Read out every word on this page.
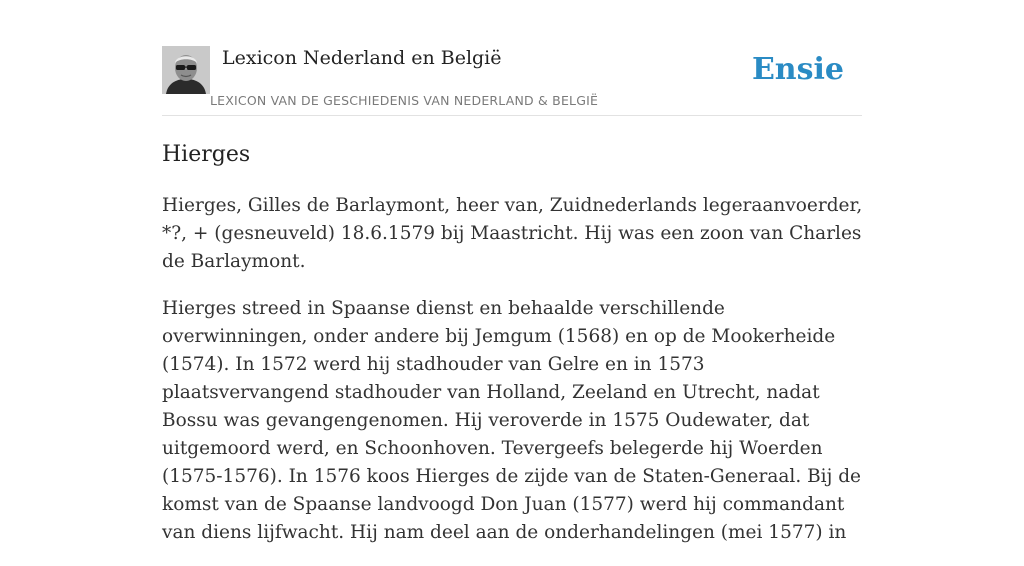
Lexicon Nederland en België
LEXICON VAN DE GESCHIEDENIS VAN NEDERLAND & BELGIË
Ensie
Hierges

Hierges, Gilles de Barlaymont, heer van, Zuidnederlands legeraanvoerder, *?, + (gesneuveld) 18.6.1579 bij Maastricht. Hij was een zoon van Charles de Barlaymont.

Hierges streed in Spaanse dienst en behaalde verschillende overwinningen, onder andere bij Jemgum (1568) en op de Mookerheide (1574). In 1572 werd hij stadhouder van Gelre en in 1573 plaatsvervangend stadhouder van Holland, Zeeland en Utrecht, nadat Bossu was gevangengenomen. Hij veroverde in 1575 Oudewater, dat uitgemoord werd, en Schoonhoven. Tevergeefs belegerde hij Woerden (1575-1576). In 1576 koos Hierges de zijde van de Staten-Generaal. Bij de komst van de Spaanse landvoogd Don Juan (1577) werd hij commandant van diens lijfwacht. Hij nam deel aan de onderhandelingen (mei 1577) in
